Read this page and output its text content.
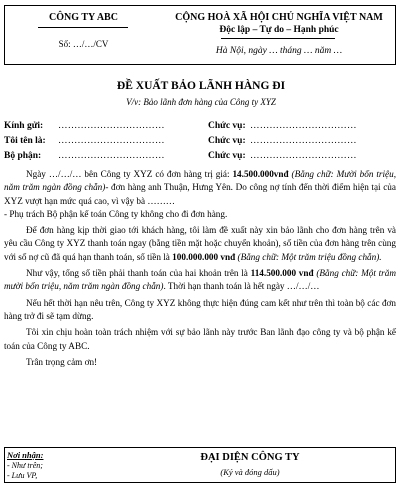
CÔNG TY ABC
Số: …/…/CV
CỘNG HOÀ XÃ HỘI CHỦ NGHĨA VIỆT NAM
Độc lập – Tự do – Hạnh phúc
Hà Nội, ngày … tháng … năm …
ĐỀ XUẤT BẢO LÃNH HÀNG ĐI
V/v: Bảo lãnh đơn hàng của Công ty XYZ
Kính gửi: ……………………………	Chức vụ: ……………………………
Tôi tên là: ……………………………	Chức vụ: ……………………………
Bộ phận: ……………………………	Chức vụ: ……………………………

Ngày …/…/… bên Công ty XYZ có đơn hàng trị giá: 14.500.000vnđ (Bằng chữ: Mười bốn triệu, năm trăm ngàn đồng chẵn)- đơn hàng anh Thuận, Hưng Yên. Do công nợ tính đến thời điểm hiện tại của XYZ vượt hạn mức quá cao, vì vậy bà ………

- Phụ trách Bộ phận kế toán Công ty không cho đi đơn hàng.

Để đơn hàng kịp thời giao tới khách hàng, tôi làm đề xuất này xin bảo lãnh cho đơn hàng trên và yêu cầu Công ty XYZ thanh toán ngay (bằng tiền mặt hoặc chuyển khoản), số tiền của đơn hàng trên cùng với số nợ cũ đã quá hạn thanh toán, số tiền là 100.000.000 vnđ (Bằng chữ: Một trăm triệu đồng chẵn).

Như vậy, tổng số tiền phải thanh toán của hai khoản trên là 114.500.000 vnđ (Bằng chữ: Một trăm mười bốn triệu, năm trăm ngàn đồng chẵn). Thời hạn thanh toán là hết ngày …/…/…

Nếu hết thời hạn nêu trên, Công ty XYZ không thực hiện đúng cam kết như trên thì toàn bộ các đơn hàng trở đi sẽ tạm dừng.

Tôi xin chịu hoàn toàn trách nhiệm với sự bảo lãnh này trước Ban lãnh đạo công ty và bộ phận kế toán của Công ty ABC.

Trân trọng cảm ơn!

Nơi nhận:
- Như trên;
- Lưu VP,
ĐẠI DIỆN CÔNG TY
(Ký và đóng dấu)
